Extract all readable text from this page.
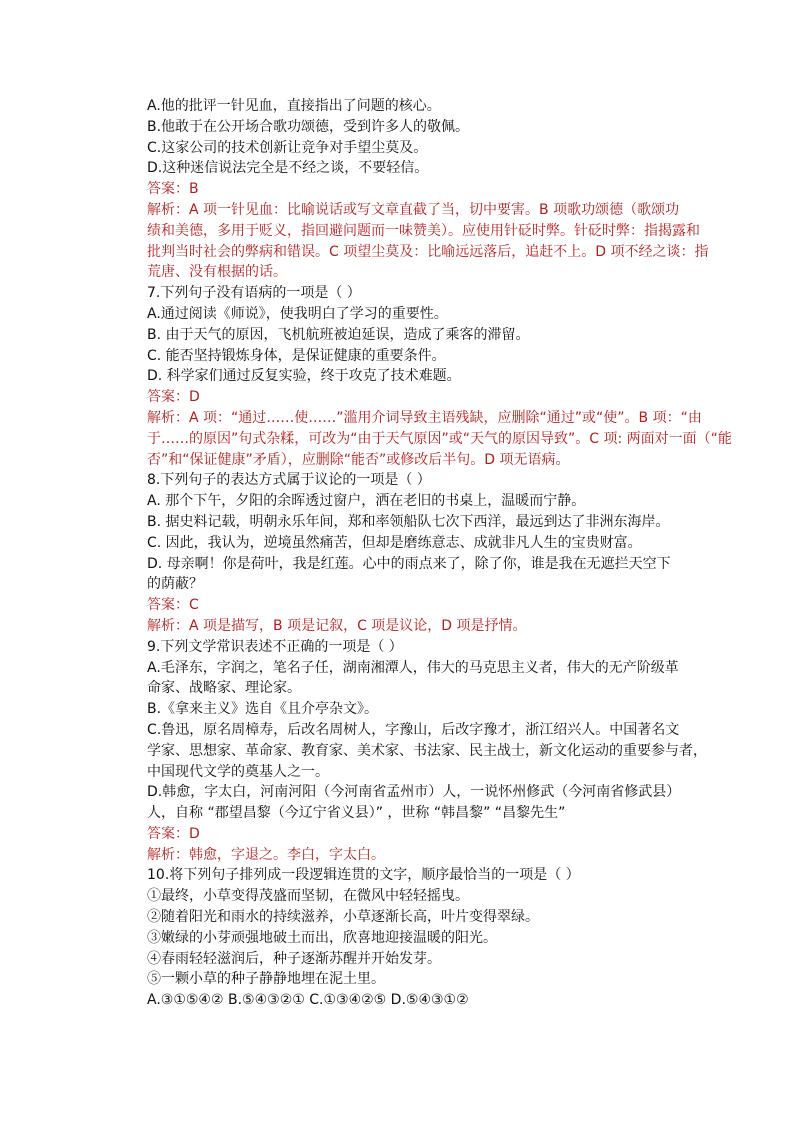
A.他的批评一针见血，直接指出了问题的核心。
B.他敢于在公开场合歌功颂德，受到许多人的敬佩。
C.这家公司的技术创新让竞争对手望尘莫及。
D.这种迷信说法完全是不经之谈，不要轻信。
答案：B
解析：A 项一针见血：比喻说话或写文章直截了当，切中要害。B 项歌功颂德（歌颂功
绩和美德，多用于贬义，指回避问题而一味赞美）。应使用针砭时弊。针砭时弊：指揭露和
批判当时社会的弊病和错误。C 项望尘莫及：比喻远远落后，追赶不上。D 项不经之谈：指
荒唐、没有根据的话。
7.下列句子没有语病的一项是（ ）
A.通过阅读《师说》，使我明白了学习的重要性。
B. 由于天气的原因，飞机航班被迫延误，造成了乘客的滞留。
C. 能否坚持锻炼身体，是保证健康的重要条件。
D. 科学家们通过反复实验，终于攻克了技术难题。
答案：D
解析：A 项：“通过……使……”滥用介词导致主语残缺，应删除“通过”或“使”。B 项：“由
于……的原因”句式杂糅，可改为“由于天气原因”或“天气的原因导致”。C 项: 两面对一面（“能
否”和“保证健康”矛盾），应删除“能否”或修改后半句。D 项无语病。
8.下列句子的表达方式属于议论的一项是（ ）
A. 那个下午，夕阳的余晖透过窗户，洒在老旧的书桌上，温暖而宁静。
B. 据史料记载，明朝永乐年间，郑和率领船队七次下西洋，最远到达了非洲东海岸。
C. 因此，我认为，逆境虽然痛苦，但却是磨练意志、成就非凡人生的宝贵财富。
D. 母亲啊！你是荷叶，我是红莲。心中的雨点来了，除了你，谁是我在无遮拦天空下
的荫蔽？
答案：C
解析：A 项是描写，B 项是记叙，C 项是议论，D 项是抒情。
9.下列文学常识表述不正确的一项是（ ）
A.毛泽东，字润之，笔名子任，湖南湘潭人，伟大的马克思主义者，伟大的无产阶级革
命家、战略家、理论家。
B.《拿来主义》选自《且介亭杂文》。
C.鲁迅，原名周樟寿，后改名周树人，字豫山，后改字豫才，浙江绍兴人。中国著名文
学家、思想家、革命家、教育家、美术家、书法家、民主战士，新文化运动的重要参与者，
中国现代文学的奠基人之一。
D.韩愈，字太白，河南河阳（今河南省孟州市）人，一说怀州修武（今河南省修武县）
人，自称 “郡望昌黎（今辽宁省义县）” ，世称 “韩昌黎” “昌黎先生”
答案：D
解析：韩愈，字退之。李白，字太白。
10.将下列句子排列成一段逻辑连贯的文字，顺序最恰当的一项是（ ）
①最终，小草变得茂盛而坚韧，在微风中轻轻摇曳。
②随着阳光和雨水的持续滋养，小草逐渐长高，叶片变得翠绿。
③嫩绿的小芽顽强地破土而出，欣喜地迎接温暖的阳光。
④春雨轻轻滋润后，种子逐渐苏醒并开始发芽。
⑤一颗小草的种子静静地埋在泥土里。
A.③①⑤④② B.⑤④③②① C.①③④②⑤ D.⑤④③①②
